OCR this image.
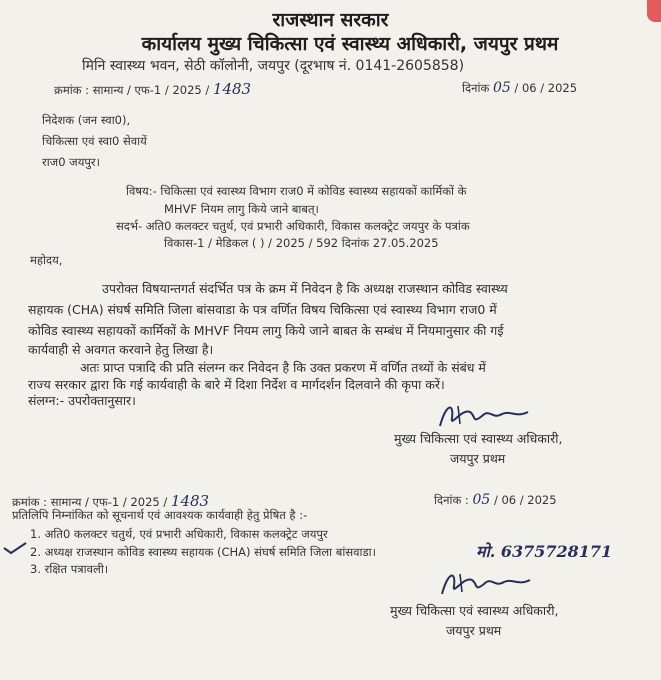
राजस्थान सरकार
कार्यालय मुख्य चिकित्सा एवं स्वास्थ्य अधिकारी, जयपुर प्रथम
मिनि स्वास्थ्य भवन, सेठी कॉलोनी, जयपुर (दूरभाष नं. 0141-2605858)
क्रमांक : सामान्य / एफ-1 / 2025 / 1483	दिनांक 05 / 06 / 2025
निदेशक (जन स्वा0),
चिकित्सा एवं स्वा0 सेवायें
राज0 जयपुर।
विषय:- चिकित्सा एवं स्वास्थ्य विभाग राज0 में कोविड स्वास्थ्य सहायकों कार्मिकों के
MHVF नियम लागु किये जाने बाबत्।
सदर्भ- अति0 कलक्टर चतुर्थ, एवं प्रभारी अधिकारी, विकास कलक्ट्रेट जयपुर के पत्रांक
विकास-1 / मेडिकल ( ) / 2025 / 592 दिनांक 27.05.2025
महोदय,
उपरोक्त विषयान्तगर्त संदर्भित पत्र के क्रम में निवेदन है कि अध्यक्ष राजस्थान कोविड स्वास्थ्य
सहायक (CHA) संघर्ष समिति जिला बांसवाडा के पत्र वर्णित विषय चिकित्सा एवं स्वास्थ्य विभाग राज0 में
कोविड स्वास्थ्य सहायकों कार्मिकों के MHVF नियम लागु किये जाने बाबत के सम्बंध में नियमानुसार की गई
कार्यवाही से अवगत करवाने हेतु लिखा है।
अतः प्राप्त पत्रादि की प्रति संलग्न कर निवेदन है कि उक्त प्रकरण में वर्णित तथ्यों के संबंध में
राज्य सरकार द्वारा कि गई कार्यवाही के बारे में दिशा निर्देश व मार्गदर्शन दिलवाने की कृपा करें।
संलग्न:- उपरोक्तानुसार।
मुख्य चिकित्सा एवं स्वास्थ्य अधिकारी,
जयपुर प्रथम
क्रमांक : सामान्य / एफ-1 / 2025 / 1483	दिनांक : 05 / 06 / 2025
प्रतिलिपि निम्नांकित को सूचनार्थ एवं आवश्यक कार्यवाही हेतु प्रेषित है :-
1. अति0 कलक्टर चतुर्थ, एवं प्रभारी अधिकारी, विकास कलक्ट्रेट जयपुर
2. अध्यक्ष राजस्थान कोविड स्वास्थ्य सहायक (CHA) संघर्ष समिति जिला बांसवाडा।	मो. 6375728171
3. रक्षित पत्रावली।
मुख्य चिकित्सा एवं स्वास्थ्य अधिकारी,
जयपुर प्रथम
